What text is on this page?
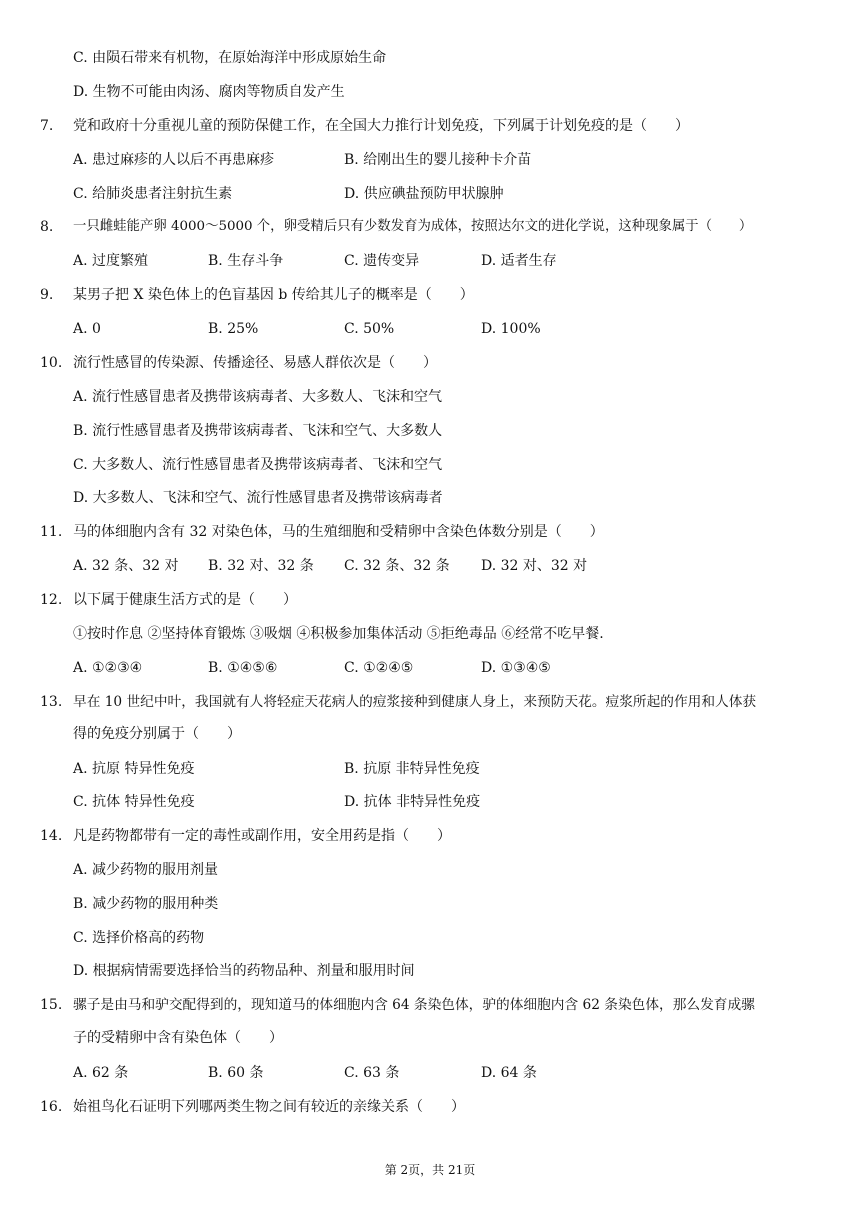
C. 由陨石带来有机物，在原始海洋中形成原始生命
D. 生物不可能由肉汤、腐肉等物质自发产生
7. 党和政府十分重视儿童的预防保健工作，在全国大力推行计划免疫，下列属于计划免疫的是（　　）
A. 患过麻疹的人以后不再患麻疹	B. 给刚出生的婴儿接种卡介苗
C. 给肺炎患者注射抗生素	D. 供应碘盐预防甲状腺肿
8. 一只雌蛙能产卵 4000～5000 个，卵受精后只有少数发育为成体，按照达尔文的进化学说，这种现象属于（　　）
A. 过度繁殖	B. 生存斗争	C. 遗传变异	D. 适者生存
9. 某男子把 X 染色体上的色盲基因 b 传给其儿子的概率是（　　）
A. 0	B. 25%	C. 50%	D. 100%
10. 流行性感冒的传染源、传播途径、易感人群依次是（　　）
A. 流行性感冒患者及携带该病毒者、大多数人、飞沫和空气
B. 流行性感冒患者及携带该病毒者、飞沫和空气、大多数人
C. 大多数人、流行性感冒患者及携带该病毒者、飞沫和空气
D. 大多数人、飞沫和空气、流行性感冒患者及携带该病毒者
11. 马的体细胞内含有 32 对染色体，马的生殖细胞和受精卵中含染色体数分别是（　　）
A. 32 条、32 对 B. 32 对、32 条 C. 32 条、32 条 D. 32 对、32 对
12. 以下属于健康生活方式的是（　　）
①按时作息 ②坚持体育锻炼 ③吸烟 ④积极参加集体活动 ⑤拒绝毒品 ⑥经常不吃早餐.
A. ①②③④	B. ①④⑤⑥	C. ①②④⑤	D. ①③④⑤
13. 早在 10 世纪中叶，我国就有人将轻症天花病人的痘浆接种到健康人身上，来预防天花。痘浆所起的作用和人体获
得的免疫分别属于（　　）
A. 抗原 特异性免疫	B. 抗原 非特异性免疫
C. 抗体 特异性免疫	D. 抗体 非特异性免疫
14. 凡是药物都带有一定的毒性或副作用，安全用药是指（　　）
A. 减少药物的服用剂量
B. 减少药物的服用种类
C. 选择价格高的药物
D. 根据病情需要选择恰当的药物品种、剂量和服用时间
15. 骡子是由马和驴交配得到的，现知道马的体细胞内含 64 条染色体，驴的体细胞内含 62 条染色体，那么发育成骡
子的受精卵中含有染色体（　　）
A. 62 条	B. 60 条	C. 63 条	D. 64 条
16. 始祖鸟化石证明下列哪两类生物之间有较近的亲缘关系（　　）
第 2页，共 21页
